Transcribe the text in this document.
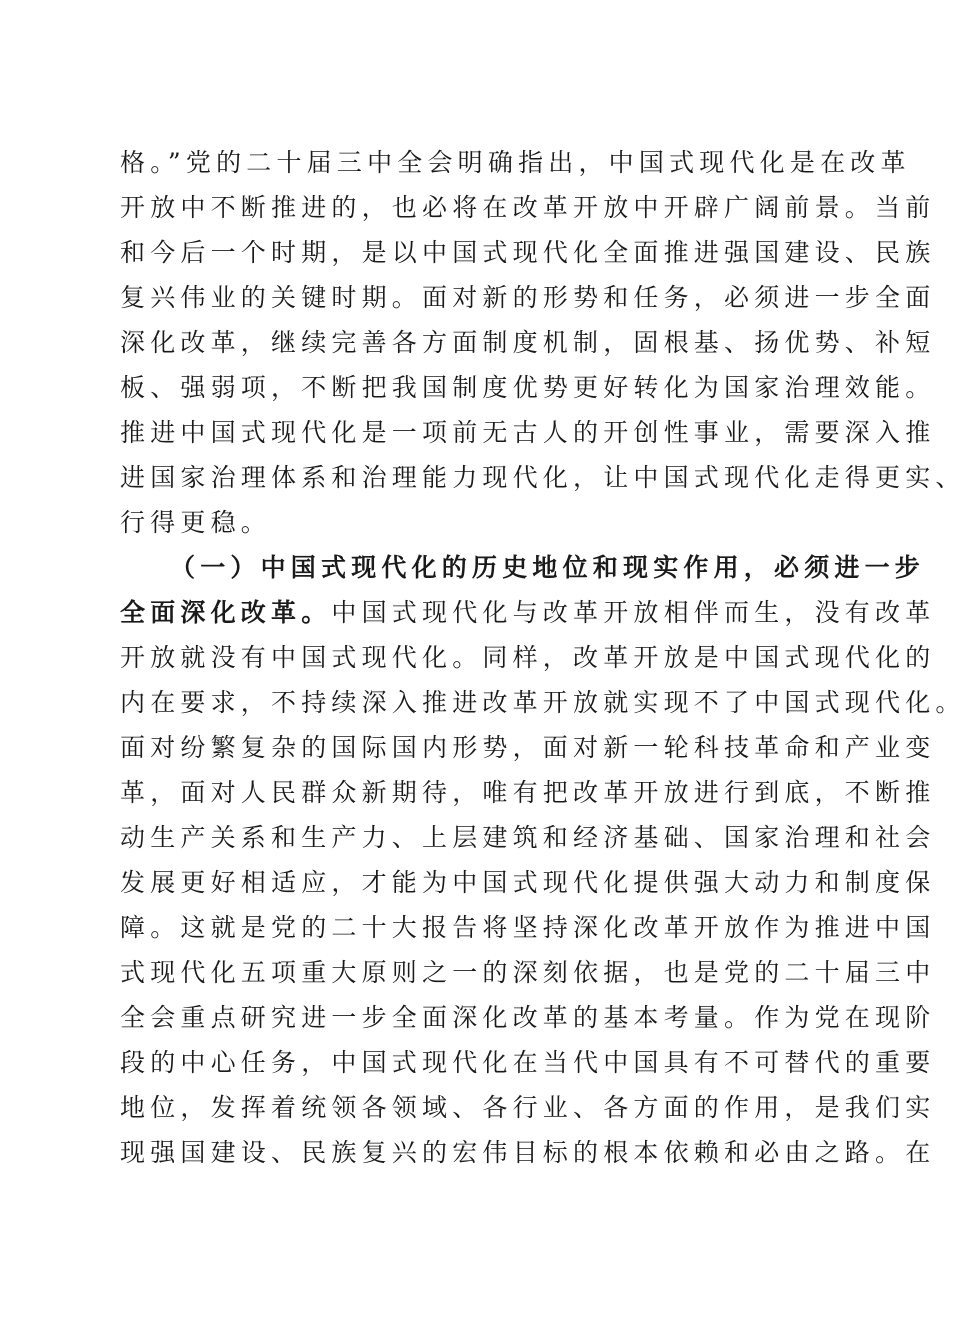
格。”党的二十届三中全会明确指出，中国式现代化是在改革
开放中不断推进的，也必将在改革开放中开辟广阔前景。当前
和今后一个时期，是以中国式现代化全面推进强国建设、民族
复兴伟业的关键时期。面对新的形势和任务，必须进一步全面
深化改革，继续完善各方面制度机制，固根基、扬优势、补短
板、强弱项，不断把我国制度优势更好转化为国家治理效能。
推进中国式现代化是一项前无古人的开创性事业，需要深入推
进国家治理体系和治理能力现代化，让中国式现代化走得更实、
行得更稳。
（一）中国式现代化的历史地位和现实作用，必须进一步
全面深化改革。中国式现代化与改革开放相伴而生，没有改革
开放就没有中国式现代化。同样，改革开放是中国式现代化的
内在要求，不持续深入推进改革开放就实现不了中国式现代化。
面对纷繁复杂的国际国内形势，面对新一轮科技革命和产业变
革，面对人民群众新期待，唯有把改革开放进行到底，不断推
动生产关系和生产力、上层建筑和经济基础、国家治理和社会
发展更好相适应，才能为中国式现代化提供强大动力和制度保
障。这就是党的二十大报告将坚持深化改革开放作为推进中国
式现代化五项重大原则之一的深刻依据，也是党的二十届三中
全会重点研究进一步全面深化改革的基本考量。作为党在现阶
段的中心任务，中国式现代化在当代中国具有不可替代的重要
地位，发挥着统领各领域、各行业、各方面的作用，是我们实
现强国建设、民族复兴的宏伟目标的根本依赖和必由之路。在
